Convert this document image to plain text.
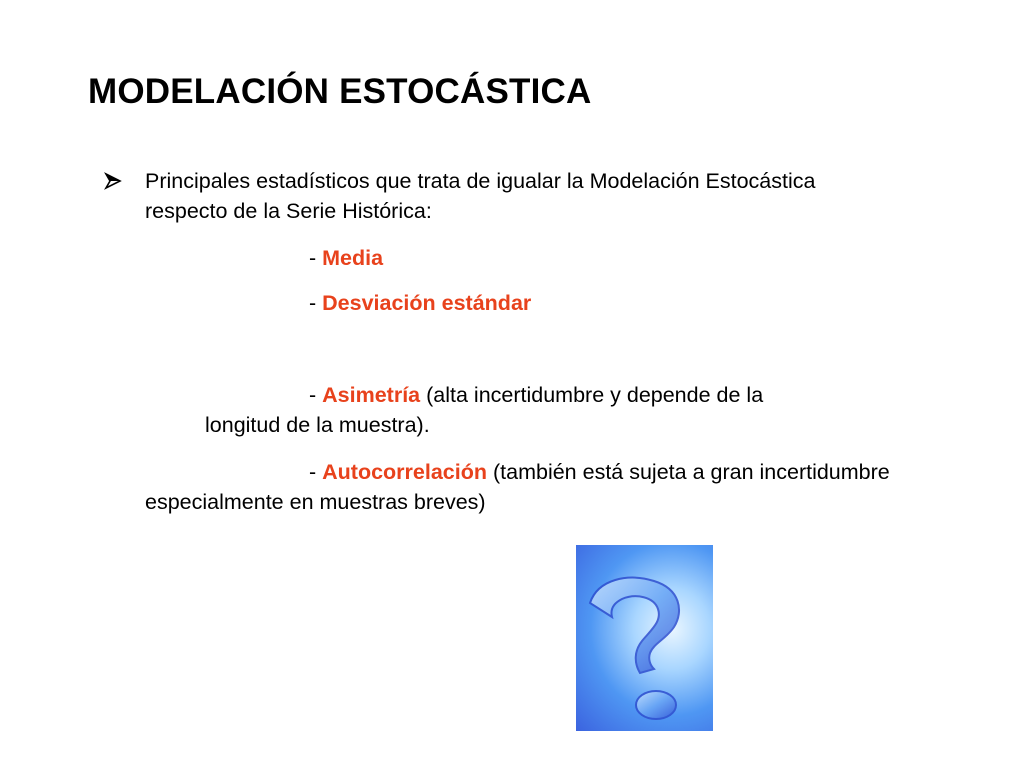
MODELACIÓN ESTOCÁSTICA
Principales estadísticos que trata de igualar la Modelación Estocástica
respecto de la Serie Histórica:
- Media
- Desviación estándar
- Asimetría (alta incertidumbre y depende de la
longitud de la muestra).
- Autocorrelación (también está sujeta a gran incertidumbre
especialmente en muestras breves)
